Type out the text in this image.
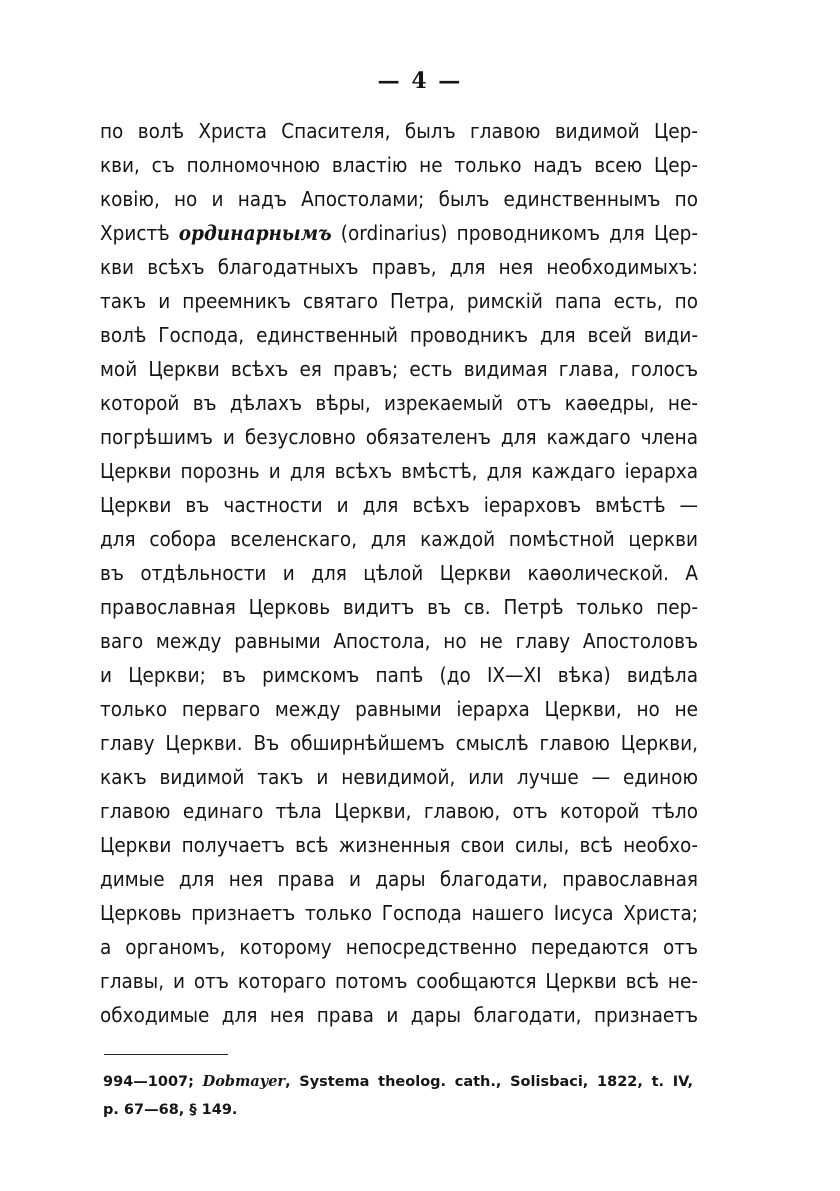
— 4 —
по волѣ Христа Спасителя, былъ главою видимой Цер-
кви, съ полномочною властію не только надъ всею Цер-
ковію, но и надъ Апостолами; былъ единственнымъ по
Христѣ ординарнымъ (ordinarius) проводникомъ для Цер-
кви всѣхъ благодатныхъ правъ, для нея необходимыхъ:
такъ и преемникъ святаго Петра, римскій папа есть, по
волѣ Господа, единственный проводникъ для всей види-
мой Церкви всѣхъ ея правъ; есть видимая глава, голосъ
которой въ дѣлахъ вѣры, изрекаемый отъ каѳедры, не-
погрѣшимъ и безусловно обязателенъ для каждаго члена
Церкви порознь и для всѣхъ вмѣстѣ, для каждаго іерарха
Церкви въ частности и для всѣхъ іерарховъ вмѣстѣ —
для собора вселенскаго, для каждой помѣстной церкви
въ отдѣльности и для цѣлой Церкви каѳолической. А
православная Церковь видитъ въ св. Петрѣ только пер-
ваго между равными Апостола, но не главу Апостоловъ
и Церкви; въ римскомъ папѣ (до IX—XI вѣка) видѣла
только перваго между равными іерарха Церкви, но не
главу Церкви. Въ обширнѣйшемъ смыслѣ главою Церкви,
какъ видимой такъ и невидимой, или лучше — единою
главою единаго тѣла Церкви, главою, отъ которой тѣло
Церкви получаетъ всѣ жизненныя свои силы, всѣ необхо-
димые для нея права и дары благодати, православная
Церковь признаетъ только Господа нашего Іисуса Христа;
а органомъ, которому непосредственно передаются отъ
главы, и отъ котораго потомъ сообщаются Церкви всѣ не-
обходимые для нея права и дары благодати, признаетъ
994—1007; Dobmayer, Systema theolog. cath., Solisbaci, 1822, t. IV,
p. 67—68, § 149.
